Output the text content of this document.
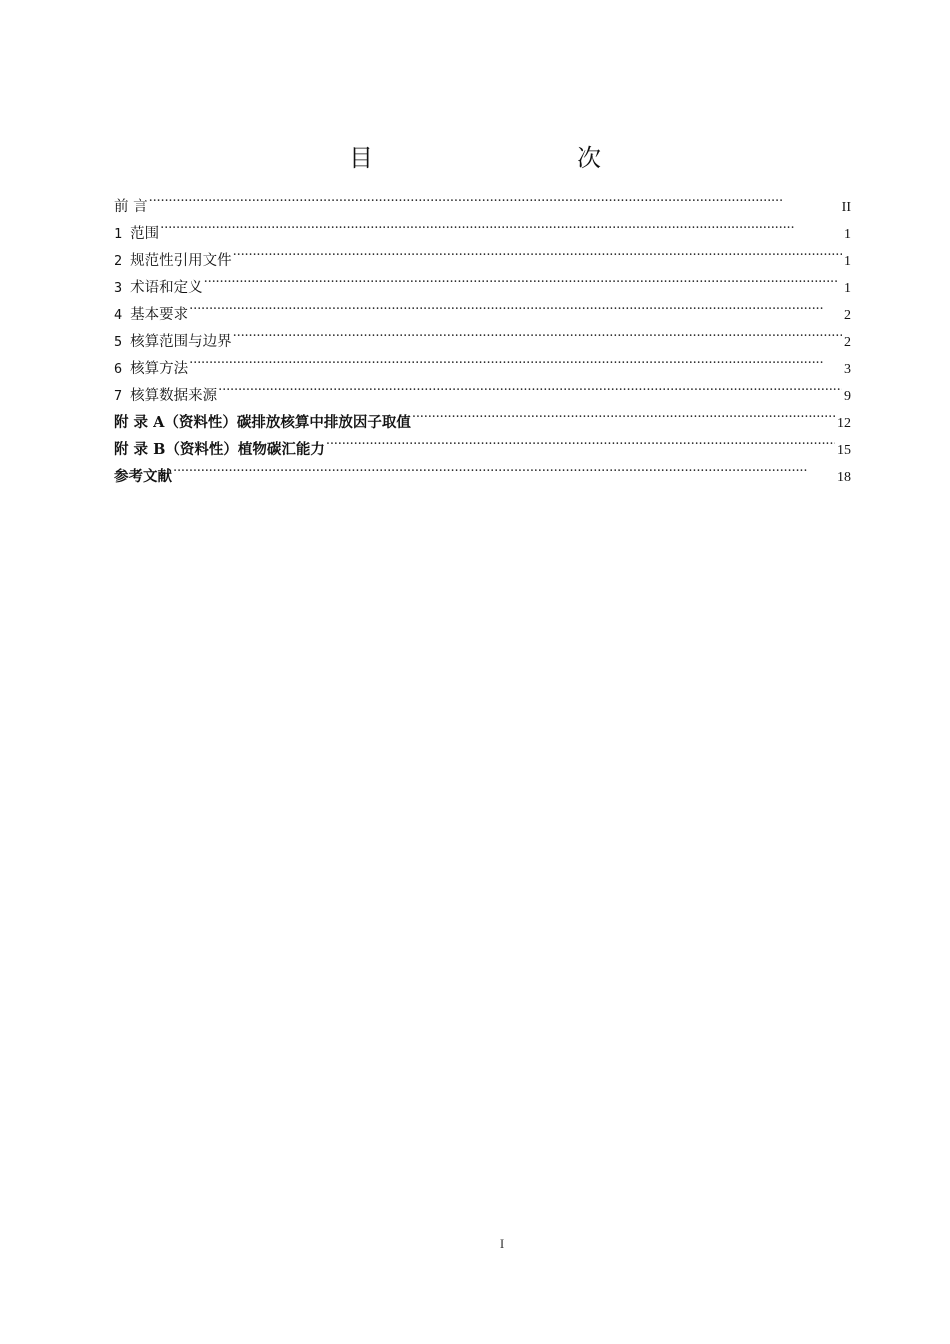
目　　次
前 言 . . .	II
1 范围 . . .	1
2 规范性引用文件 . . .	1
3 术语和定义 . . .	1
4 基本要求 . . .	2
5 核算范围与边界 . . .	2
6 核算方法 . . .	3
7 核算数据来源 . . .	9
附 录 A（资料性）碳排放核算中排放因子取值 . . .	12
附 录 B（资料性）植物碳汇能力 . . .	15
参考文献 . . .	18
I
